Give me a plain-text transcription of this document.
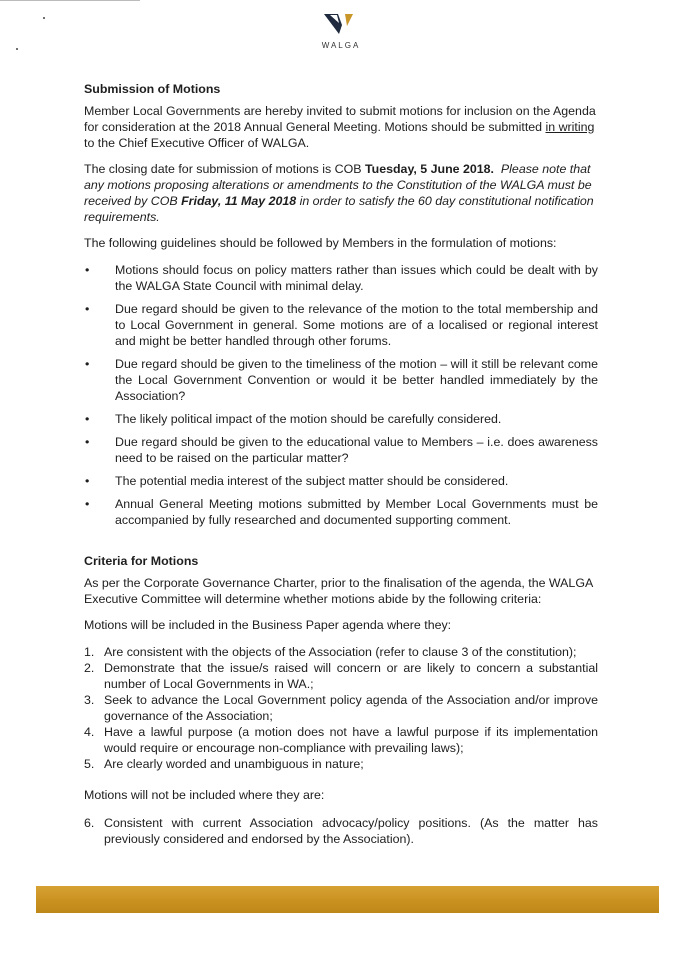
WALGA
Submission of Motions

Member Local Governments are hereby invited to submit motions for inclusion on the Agenda for consideration at the 2018 Annual General Meeting. Motions should be submitted in writing to the Chief Executive Officer of WALGA.

The closing date for submission of motions is COB Tuesday, 5 June 2018. Please note that any motions proposing alterations or amendments to the Constitution of the WALGA must be received by COB Friday, 11 May 2018 in order to satisfy the 60 day constitutional notification requirements.

The following guidelines should be followed by Members in the formulation of motions:

• Motions should focus on policy matters rather than issues which could be dealt with by the WALGA State Council with minimal delay.
• Due regard should be given to the relevance of the motion to the total membership and to Local Government in general. Some motions are of a localised or regional interest and might be better handled through other forums.
• Due regard should be given to the timeliness of the motion – will it still be relevant come the Local Government Convention or would it be better handled immediately by the Association?
• The likely political impact of the motion should be carefully considered.
• Due regard should be given to the educational value to Members – i.e. does awareness need to be raised on the particular matter?
• The potential media interest of the subject matter should be considered.
• Annual General Meeting motions submitted by Member Local Governments must be accompanied by fully researched and documented supporting comment.
Criteria for Motions

As per the Corporate Governance Charter, prior to the finalisation of the agenda, the WALGA Executive Committee will determine whether motions abide by the following criteria:

Motions will be included in the Business Paper agenda where they:

1. Are consistent with the objects of the Association (refer to clause 3 of the constitution);
2. Demonstrate that the issue/s raised will concern or are likely to concern a substantial number of Local Governments in WA.;
3. Seek to advance the Local Government policy agenda of the Association and/or improve governance of the Association;
4. Have a lawful purpose (a motion does not have a lawful purpose if its implementation would require or encourage non-compliance with prevailing laws);
5. Are clearly worded and unambiguous in nature;

Motions will not be included where they are:

6. Consistent with current Association advocacy/policy positions. (As the matter has previously considered and endorsed by the Association).
